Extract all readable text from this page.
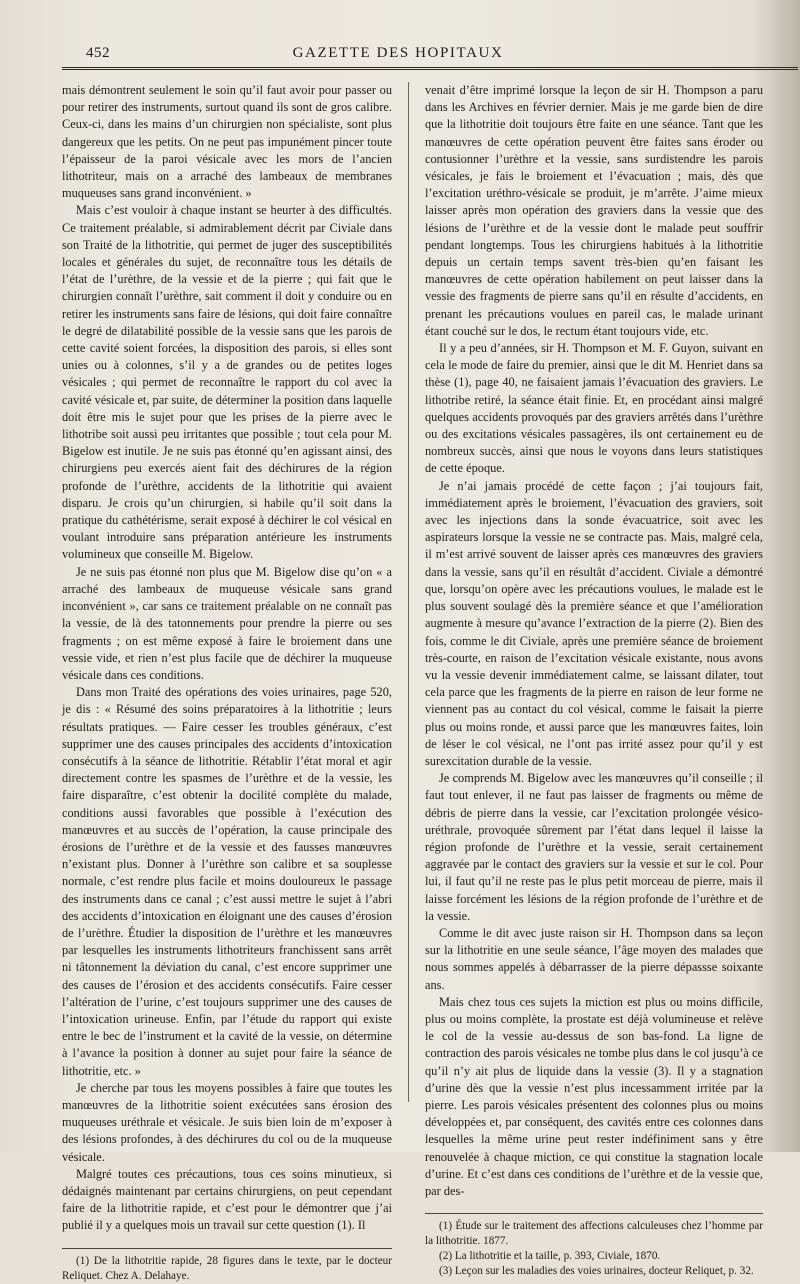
452	GAZETTE DES HOPITAUX

mais démontrent seulement le soin qu’il faut avoir pour passer ou pour retirer des instruments, surtout quand ils sont de gros calibre. Ceux-ci, dans les mains d’un chirurgien non spécialiste, sont plus dangereux que les petits. On ne peut pas impunément pincer toute l’épaisseur de la paroi vésicale avec les mors de l’ancien lithotriteur, mais on a arraché des lambeaux de membranes muqueuses sans grand inconvénient. »

Mais c’est vouloir à chaque instant se heurter à des difficultés. Ce traitement préalable, si admirablement décrit par Civiale dans son Traité de la lithotritie, qui permet de juger des susceptibilités locales et générales du sujet, de reconnaître tous les détails de l’état de l’urèthre, de la vessie et de la pierre ; qui fait que le chirurgien connaît l’urèthre, sait comment il doit y conduire ou en retirer les instruments sans faire de lésions, qui doit faire connaître le degré de dilatabilité possible de la vessie sans que les parois de cette cavité soient forcées, la disposition des parois, si elles sont unies ou à colonnes, s’il y a de grandes ou de petites loges vésicales ; qui permet de reconnaître le rapport du col avec la cavité vésicale et, par suite, de déterminer la position dans laquelle doit être mis le sujet pour que les prises de la pierre avec le lithotribe soit aussi peu irritantes que possible ; tout cela pour M. Bigelow est inutile. Je ne suis pas étonné qu’en agissant ainsi, des chirurgiens peu exercés aient fait des déchirures de la région profonde de l’urèthre, accidents de la lithotritie qui avaient disparu. Je crois qu’un chirurgien, si habile qu’il soit dans la pratique du cathétérisme, serait exposé à déchirer le col vésical en voulant introduire sans préparation antérieure les instruments volumineux que conseille M. Bigelow.

Je ne suis pas étonné non plus que M. Bigelow dise qu’on « a arraché des lambeaux de muqueuse vésicale sans grand inconvénient », car sans ce traitement préalable on ne connaît pas la vessie, de là des tatonnements pour prendre la pierre ou ses fragments ; on est même exposé à faire le broiement dans une vessie vide, et rien n’est plus facile que de déchirer la muqueuse vésicale dans ces conditions.

Dans mon Traité des opérations des voies urinaires, page 520, je dis : « Résumé des soins préparatoires à la lithotritie ; leurs résultats pratiques. — Faire cesser les troubles généraux, c’est supprimer une des causes principales des accidents d’intoxication consécutifs à la séance de lithotritie. Rétablir l’état moral et agir directement contre les spasmes de l’urèthre et de la vessie, les faire disparaître, c’est obtenir la docilité complète du malade, conditions aussi favorables que possible à l’exécution des manœuvres et au succès de l’opération, la cause principale des érosions de l’urèthre et de la vessie et des fausses manœuvres n’existant plus. Donner à l’urèthre son calibre et sa souplesse normale, c’est rendre plus facile et moins douloureux le passage des instruments dans ce canal ; c’est aussi mettre le sujet à l’abri des accidents d’intoxication en éloignant une des causes d’érosion de l’urèthre. Étudier la disposition de l’urèthre et les manœuvres par lesquelles les instruments lithotriteurs franchissent sans arrêt ni tâtonnement la déviation du canal, c’est encore supprimer une des causes de l’érosion et des accidents consécutifs. Faire cesser l’altération de l’urine, c’est toujours supprimer une des causes de l’intoxication urineuse. Enfin, par l’étude du rapport qui existe entre le bec de l’instrument et la cavité de la vessie, on détermine à l’avance la position à donner au sujet pour faire la séance de lithotritie, etc. »

Je cherche par tous les moyens possibles à faire que toutes les manœuvres de la lithotritie soient exécutées sans érosion des muqueuses uréthrale et vésicale. Je suis bien loin de m’exposer à des lésions profondes, à des déchirures du col ou de la muqueuse vésicale.

Malgré toutes ces précautions, tous ces soins minutieux, si dédaignés maintenant par certains chirurgiens, on peut cependant faire de la lithotritie rapide, et c’est pour le démontrer que j’ai publié il y a quelques mois un travail sur cette question (1). Il

(1) De la lithotritie rapide, 28 figures dans le texte, par le docteur Reliquet. Chez A. Delahaye.

venait d’être imprimé lorsque la leçon de sir H. Thompson a paru dans les Archives en février dernier. Mais je me garde bien de dire que la lithotritie doit toujours être faite en une séance. Tant que les manœuvres de cette opération peuvent être faites sans éroder ou contusionner l’urèthre et la vessie, sans surdistendre les parois vésicales, je fais le broiement et l’évacuation ; mais, dès que l’excitation uréthro-vésicale se produit, je m’arrête. J’aime mieux laisser après mon opération des graviers dans la vessie que des lésions de l’urèthre et de la vessie dont le malade peut souffrir pendant longtemps. Tous les chirurgiens habitués à la lithotritie depuis un certain temps savent très-bien qu’en faisant les manœuvres de cette opération habilement on peut laisser dans la vessie des fragments de pierre sans qu’il en résulte d’accidents, en prenant les précautions voulues en pareil cas, le malade urinant étant couché sur le dos, le rectum étant toujours vide, etc.

Il y a peu d’années, sir H. Thompson et M. F. Guyon, suivant en cela le mode de faire du premier, ainsi que le dit M. Henriet dans sa thèse (1), page 40, ne faisaient jamais l’évacuation des graviers. Le lithotribe retiré, la séance était finie. Et, en procédant ainsi malgré quelques accidents provoqués par des graviers arrêtés dans l’urèthre ou des excitations vésicales passagères, ils ont certainement eu de nombreux succès, ainsi que nous le voyons dans leurs statistiques de cette époque.

Je n’ai jamais procédé de cette façon ; j’ai toujours fait, immédiatement après le broiement, l’évacuation des graviers, soit avec les injections dans la sonde évacuatrice, soit avec les aspirateurs lorsque la vessie ne se contracte pas. Mais, malgré cela, il m’est arrivé souvent de laisser après ces manœuvres des graviers dans la vessie, sans qu’il en résultât d’accident. Civiale a démontré que, lorsqu’on opère avec les précautions voulues, le malade est le plus souvent soulagé dès la première séance et que l’amélioration augmente à mesure qu’avance l’extraction de la pierre (2). Bien des fois, comme le dit Civiale, après une première séance de broiement très-courte, en raison de l’excitation vésicale existante, nous avons vu la vessie devenir immédiatement calme, se laissant dilater, tout cela parce que les fragments de la pierre en raison de leur forme ne viennent pas au contact du col vésical, comme le faisait la pierre plus ou moins ronde, et aussi parce que les manœuvres faites, loin de léser le col vésical, ne l’ont pas irrité assez pour qu’il y est surexcitation durable de la vessie.

Je comprends M. Bigelow avec les manœuvres qu’il conseille ; il faut tout enlever, il ne faut pas laisser de fragments ou même de débris de pierre dans la vessie, car l’excitation prolongée vésico-uréthrale, provoquée sûrement par l’état dans lequel il laisse la région profonde de l’urèthre et la vessie, serait certainement aggravée par le contact des graviers sur la vessie et sur le col. Pour lui, il faut qu’il ne reste pas le plus petit morceau de pierre, mais il laisse forcément les lésions de la région profonde de l’urèthre et de la vessie.

Comme le dit avec juste raison sir H. Thompson dans sa leçon sur la lithotritie en une seule séance, l’âge moyen des malades que nous sommes appelés à débarrasser de la pierre dépassse soixante ans.

Mais chez tous ces sujets la miction est plus ou moins difficile, plus ou moins complète, la prostate est déjà volumineuse et relève le col de la vessie au-dessus de son bas-fond. La ligne de contraction des parois vésicales ne tombe plus dans le col jusqu’à ce qu’il n’y ait plus de liquide dans la vessie (3). Il y a stagnation d’urine dès que la vessie n’est plus incessamment irritée par la pierre. Les parois vésicales présentent des colonnes plus ou moins développées et, par conséquent, des cavités entre ces colonnes dans lesquelles la même urine peut rester indéfiniment sans y être renouvelée à chaque miction, ce qui constitue la stagnation locale d’urine. Et c’est dans ces conditions de l’urèthre et de la vessie que, par des-

(1) Étude sur le traitement des affections calculeuses chez l’homme par la lithotritie. 1877.

(2) La lithotritie et la taille, p. 393, Civiale, 1870.

(3) Leçon sur les maladies des voies urinaires, docteur Reliquet, p. 32.
